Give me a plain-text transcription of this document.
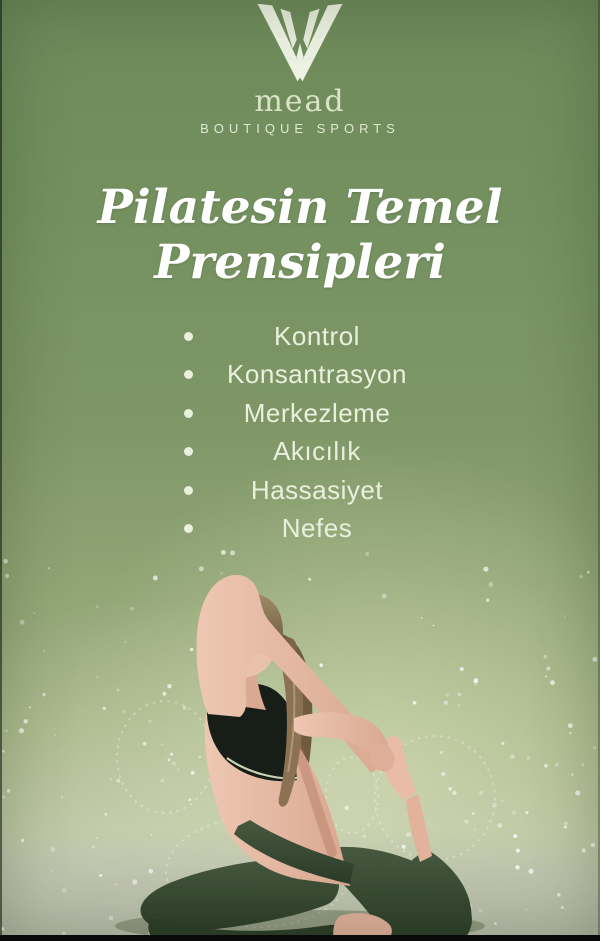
mead
BOUTIQUE SPORTS
Pilatesin Temel
Prensipleri
Kontrol
Konsantrasyon
Merkezleme
Akıcılık
Hassasiyet
Nefes
